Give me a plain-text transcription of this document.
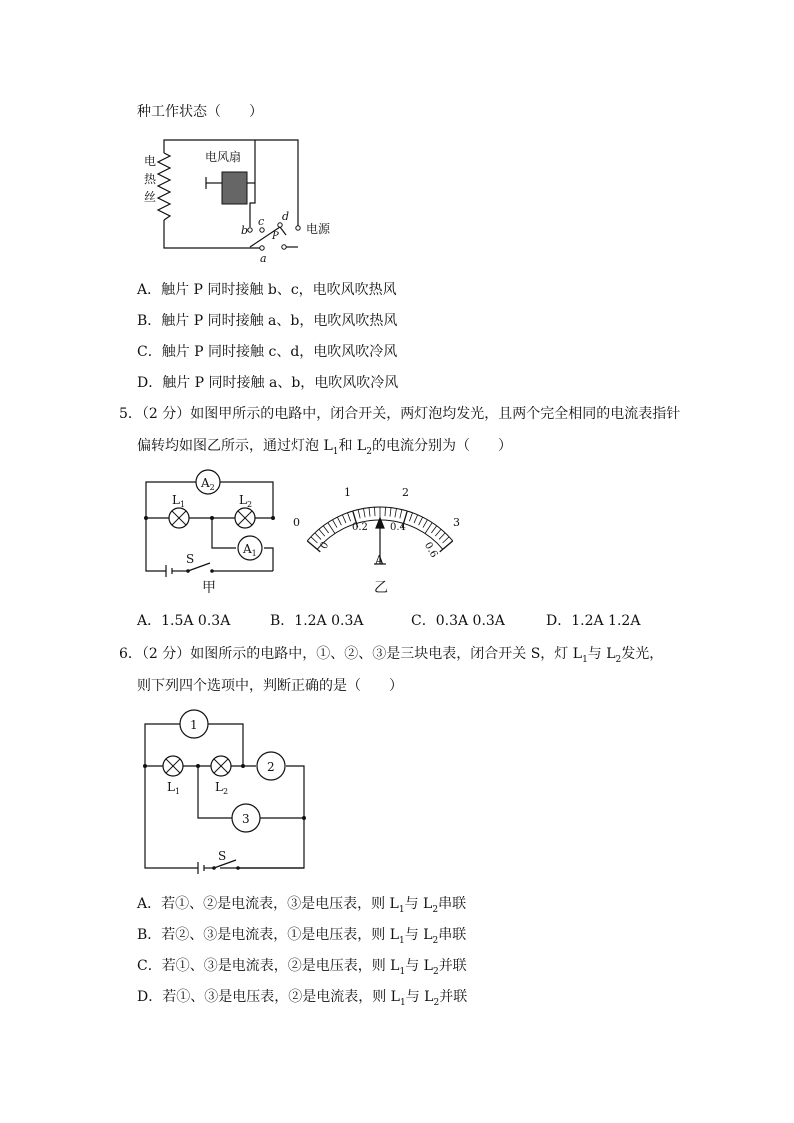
种工作状态（　　）
电风扇
电
热
丝
电源
a
b
c d
P
A．触片 P 同时接触 b、c，电吹风吹热风
B．触片 P 同时接触 a、b，电吹风吹热风
C．触片 P 同时接触 c、d，电吹风吹冷风
D．触片 P 同时接触 a、b，电吹风吹冷风
5．（2 分）如图甲所示的电路中，闭合开关，两灯泡均发光，且两个完全相同的电流表指针
偏转均如图乙所示，通过灯泡 $L_1$和 $L_2$的电流分别为（　　）
$A_2$
$A_1$
$L_1$	$L_2$
S
甲
0
1	2
3
0
0.2 0.4
0.6
A
乙
A．1.5A 0.3A	B．1.2A 0.3A	C．0.3A 0.3A	D．1.2A 1.2A
6．（2 分）如图所示的电路中，①、②、③是三块电表，闭合开关 S，灯 $L_1$与 $L_2$发光，
则下列四个选项中，判断正确的是（　　）
1
2
3
$L_1$	$L_2$
S
A．若①、②是电流表，③是电压表，则 $L_1$与 $L_2$串联
B．若②、③是电流表，①是电压表，则 $L_1$与 $L_2$串联
C．若①、③是电流表，②是电压表，则 $L_1$与 $L_2$并联
D．若①、③是电压表，②是电流表，则 $L_1$与 $L_2$并联
